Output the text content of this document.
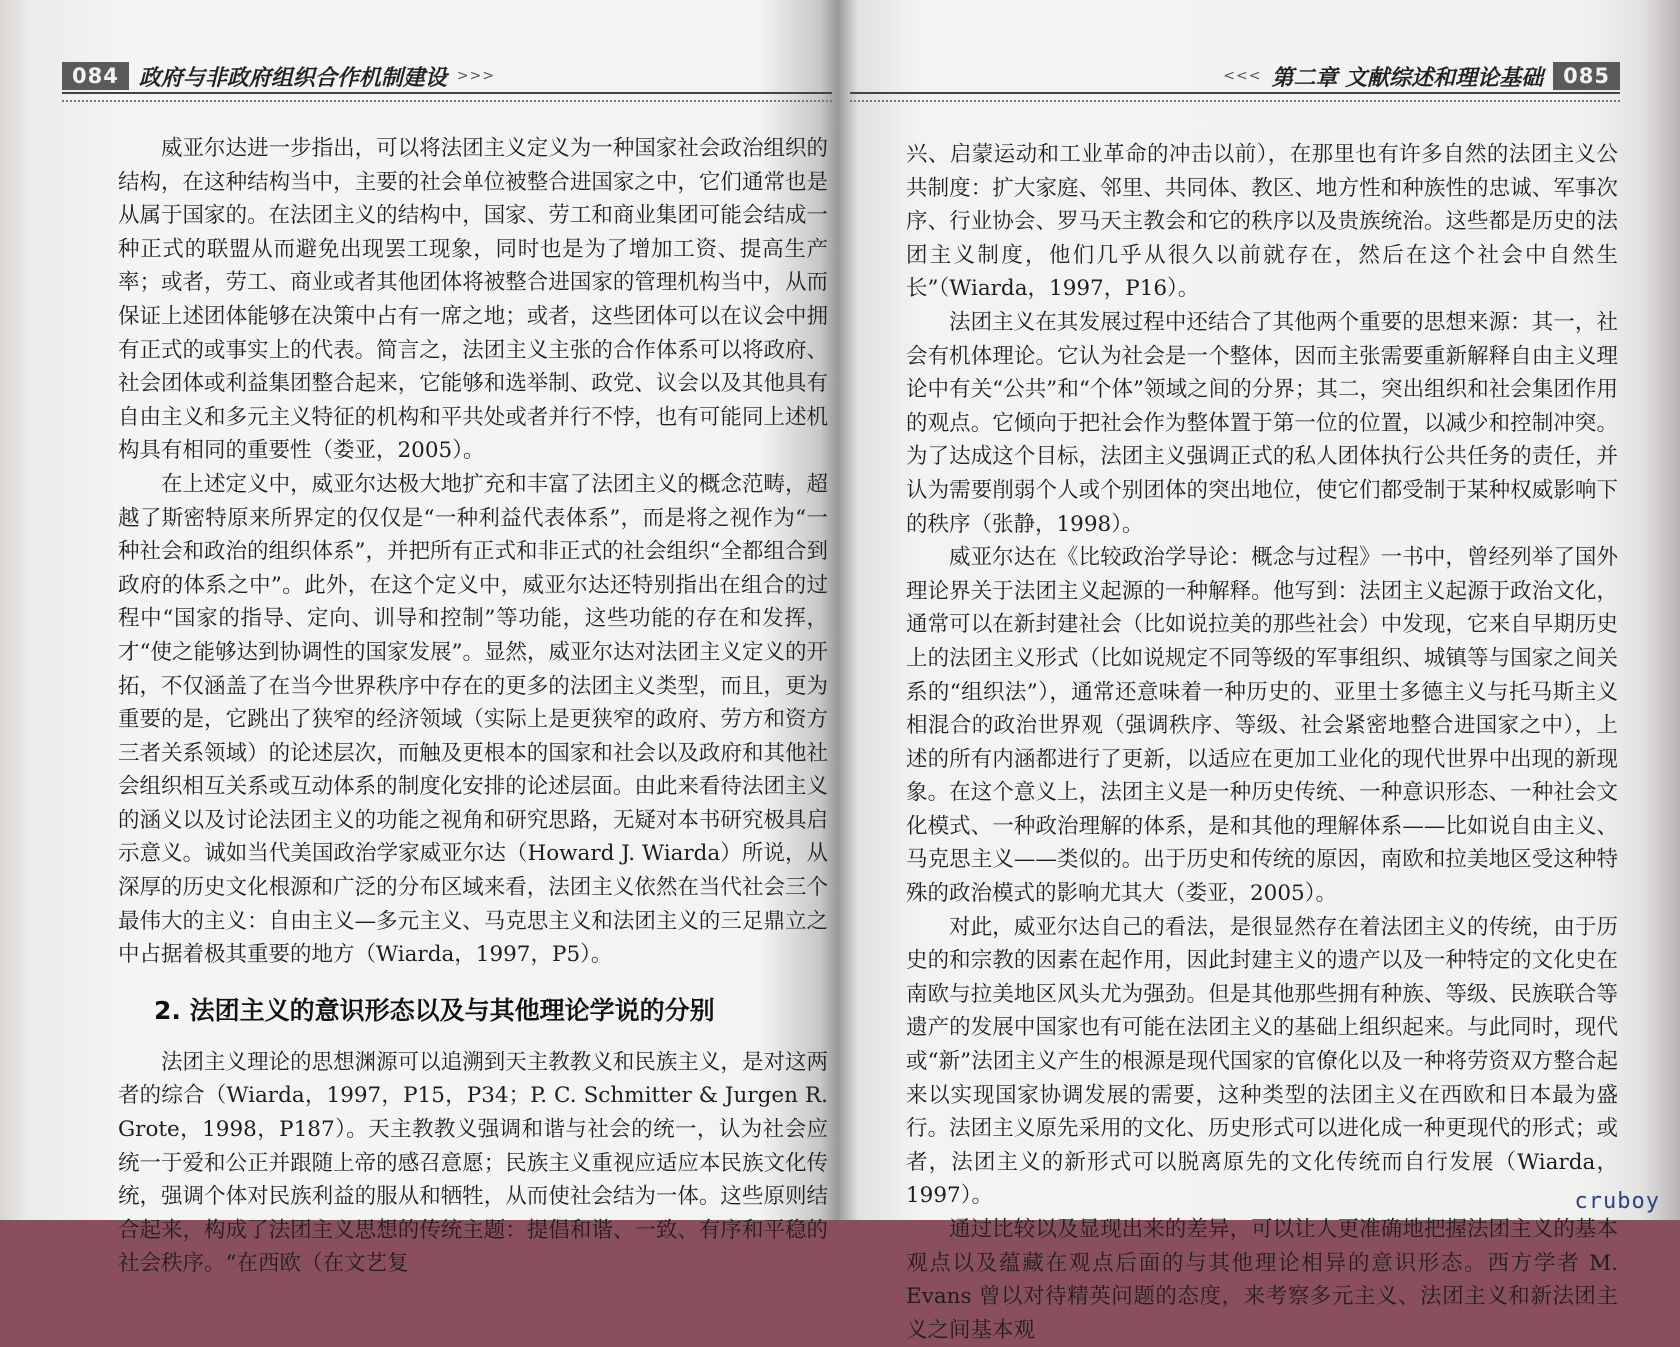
084 政府与非政府组织合作机制建设 >>>

威亚尔达进一步指出，可以将法团主义定义为一种国家社会政治组织的结构，在这种结构当中，主要的社会单位被整合进国家之中，它们通常也是从属于国家的。在法团主义的结构中，国家、劳工和商业集团可能会结成一种正式的联盟从而避免出现罢工现象，同时也是为了增加工资、提高生产率；或者，劳工、商业或者其他团体将被整合进国家的管理机构当中，从而保证上述团体能够在决策中占有一席之地；或者，这些团体可以在议会中拥有正式的或事实上的代表。简言之，法团主义主张的合作体系可以将政府、社会团体或利益集团整合起来，它能够和选举制、政党、议会以及其他具有自由主义和多元主义特征的机构和平共处或者并行不悖，也有可能同上述机构具有相同的重要性（娄亚，2005）。

在上述定义中，威亚尔达极大地扩充和丰富了法团主义的概念范畴，超越了斯密特原来所界定的仅仅是“一种利益代表体系”，而是将之视作为“一种社会和政治的组织体系”，并把所有正式和非正式的社会组织“全都组合到政府的体系之中”。此外，在这个定义中，威亚尔达还特别指出在组合的过程中“国家的指导、定向、训导和控制”等功能，这些功能的存在和发挥，才“使之能够达到协调性的国家发展”。显然，威亚尔达对法团主义定义的开拓，不仅涵盖了在当今世界秩序中存在的更多的法团主义类型，而且，更为重要的是，它跳出了狭窄的经济领域（实际上是更狭窄的政府、劳方和资方三者关系领域）的论述层次，而触及更根本的国家和社会以及政府和其他社会组织相互关系或互动体系的制度化安排的论述层面。由此来看待法团主义的涵义以及讨论法团主义的功能之视角和研究思路，无疑对本书研究极具启示意义。诚如当代美国政治学家威亚尔达（Howard J. Wiarda）所说，从深厚的历史文化根源和广泛的分布区域来看，法团主义依然在当代社会三个最伟大的主义：自由主义—多元主义、马克思主义和法团主义的三足鼎立之中占据着极其重要的地方（Wiarda，1997，P5）。

2. 法团主义的意识形态以及与其他理论学说的分别

法团主义理论的思想渊源可以追溯到天主教教义和民族主义，是对这两者的综合（Wiarda，1997，P15，P34；P. C. Schmitter & Jurgen R. Grote，1998，P187）。天主教教义强调和谐与社会的统一，认为社会应统一于爱和公正并跟随上帝的感召意愿；民族主义重视应适应本民族文化传统，强调个体对民族利益的服从和牺牲，从而使社会结为一体。这些原则结合起来，构成了法团主义思想的传统主题：提倡和谐、一致、有序和平稳的社会秩序。“在西欧（在文艺复

<<< 第二章 文献综述和理论基础 085

兴、启蒙运动和工业革命的冲击以前），在那里也有许多自然的法团主义公共制度：扩大家庭、邻里、共同体、教区、地方性和种族性的忠诚、军事次序、行业协会、罗马天主教会和它的秩序以及贵族统治。这些都是历史的法团主义制度，他们几乎从很久以前就存在，然后在这个社会中自然生长”（Wiarda，1997，P16）。

法团主义在其发展过程中还结合了其他两个重要的思想来源：其一，社会有机体理论。它认为社会是一个整体，因而主张需要重新解释自由主义理论中有关“公共”和“个体”领域之间的分界；其二，突出组织和社会集团作用的观点。它倾向于把社会作为整体置于第一位的位置，以减少和控制冲突。为了达成这个目标，法团主义强调正式的私人团体执行公共任务的责任，并认为需要削弱个人或个别团体的突出地位，使它们都受制于某种权威影响下的秩序（张静，1998）。

威亚尔达在《比较政治学导论：概念与过程》一书中，曾经列举了国外理论界关于法团主义起源的一种解释。他写到：法团主义起源于政治文化，通常可以在新封建社会（比如说拉美的那些社会）中发现，它来自早期历史上的法团主义形式（比如说规定不同等级的军事组织、城镇等与国家之间关系的“组织法”），通常还意味着一种历史的、亚里士多德主义与托马斯主义相混合的政治世界观（强调秩序、等级、社会紧密地整合进国家之中），上述的所有内涵都进行了更新，以适应在更加工业化的现代世界中出现的新现象。在这个意义上，法团主义是一种历史传统、一种意识形态、一种社会文化模式、一种政治理解的体系，是和其他的理解体系——比如说自由主义、马克思主义——类似的。出于历史和传统的原因，南欧和拉美地区受这种特殊的政治模式的影响尤其大（娄亚，2005）。

对此，威亚尔达自己的看法，是很显然存在着法团主义的传统，由于历史的和宗教的因素在起作用，因此封建主义的遗产以及一种特定的文化史在南欧与拉美地区风头尤为强劲。但是其他那些拥有种族、等级、民族联合等遗产的发展中国家也有可能在法团主义的基础上组织起来。与此同时，现代或“新”法团主义产生的根源是现代国家的官僚化以及一种将劳资双方整合起来以实现国家协调发展的需要，这种类型的法团主义在西欧和日本最为盛行。法团主义原先采用的文化、历史形式可以进化成一种更现代的形式；或者，法团主义的新形式可以脱离原先的文化传统而自行发展（Wiarda，1997）。

通过比较以及显现出来的差异，可以让人更准确地把握法团主义的基本观点以及蕴藏在观点后面的与其他理论相异的意识形态。西方学者 M. Evans 曾以对待精英问题的态度，来考察多元主义、法团主义和新法团主义之间基本观

cruboy
